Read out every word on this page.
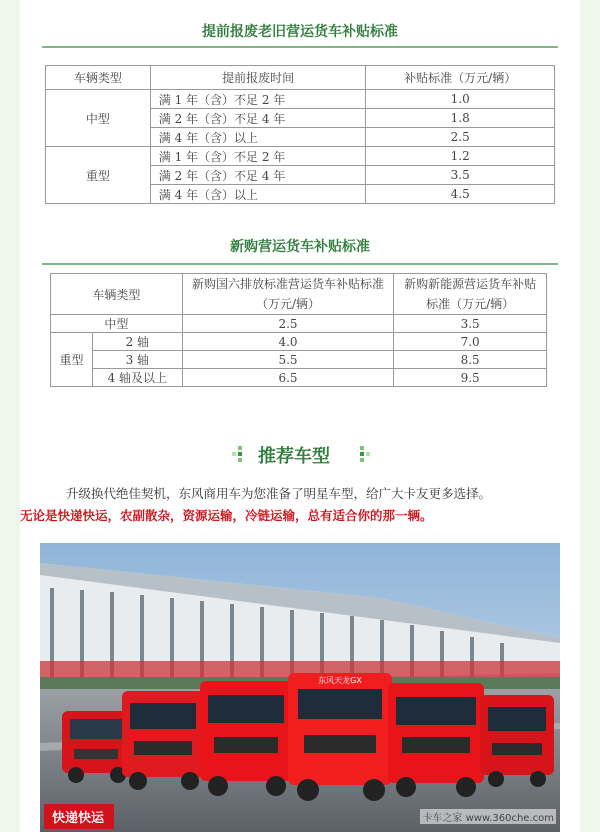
提前报废老旧营运货车补贴标准
车辆类型	提前报废时间	补贴标准（万元/辆）
中型	满 1 年（含）不足 2 年	1.0
	满 2 年（含）不足 4 年	1.8
	满 4 年（含）以上	2.5
重型	满 1 年（含）不足 2 年	1.2
	满 2 年（含）不足 4 年	3.5
	满 4 年（含）以上	4.5
新购营运货车补贴标准
车辆类型		新购国六排放标准营运货车补贴标准（万元/辆）	新购新能源营运货车补贴标准（万元/辆）
中型		2.5	3.5
重型	2 轴	4.0	7.0
	3 轴	5.5	8.5
	4 轴及以上	6.5	9.5
推荐车型
升级换代绝佳契机，东风商用车为您准备了明星车型，给广大卡友更多选择。
无论是快递快运，农副散杂，资源运输，冷链运输，总有适合你的那一辆。
东风天龙GX
快递快运	卡车之家 www.360che.com
